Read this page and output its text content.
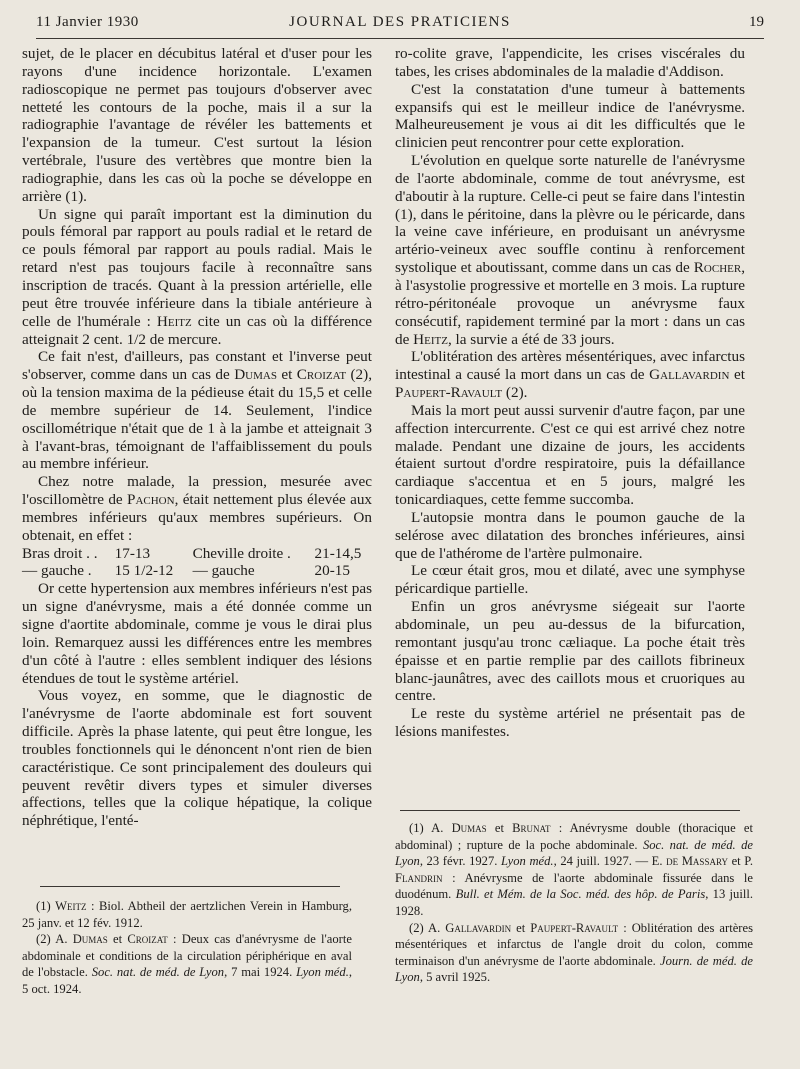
11 Janvier 1930	JOURNAL DES PRATICIENS	19

sujet, de le placer en décubitus latéral et d'user pour les rayons d'une incidence horizontale. L'examen radioscopique ne permet pas toujours d'observer avec netteté les contours de la poche, mais il a sur la radiographie l'avantage de révéler les battements et l'expansion de la tumeur. C'est surtout la lésion vertébrale, l'usure des vertèbres que montre bien la radiographie, dans les cas où la poche se développe en arrière (1).

Un signe qui paraît important est la diminution du pouls fémoral par rapport au pouls radial et le retard de ce pouls fémoral par rapport au pouls radial. Mais le retard n'est pas toujours facile à reconnaître sans inscription de tracés. Quant à la pression artérielle, elle peut être trouvée inférieure dans la tibiale antérieure à celle de l'humérale : Heitz cite un cas où la différence atteignait 2 cent. 1/2 de mercure.

Ce fait n'est, d'ailleurs, pas constant et l'inverse peut s'observer, comme dans un cas de Dumas et Croizat (2), où la tension maxima de la pédieuse était du 15,5 et celle de membre supérieur de 14. Seulement, l'indice oscillométrique n'était que de 1 à la jambe et atteignait 3 à l'avant-bras, témoignant de l'affaiblissement du pouls au membre inférieur.

Chez notre malade, la pression, mesurée avec l'oscillomètre de Pachon, était nettement plus élevée aux membres inférieurs qu'aux membres supérieurs. On obtenait, en effet :

Bras droit . .	17-13	Cheville droite .	21-14,5
— gauche .	15 1/2-12	— gauche	20-15

Or cette hypertension aux membres inférieurs n'est pas un signe d'anévrysme, mais a été donnée comme un signe d'aortite abdominale, comme je vous le dirai plus loin. Remarquez aussi les différences entre les membres d'un côté à l'autre : elles semblent indiquer des lésions étendues de tout le système artériel.

Vous voyez, en somme, que le diagnostic de l'anévrysme de l'aorte abdominale est fort souvent difficile. Après la phase latente, qui peut être longue, les troubles fonctionnels qui le dénoncent n'ont rien de bien caractéristique. Ce sont principalement des douleurs qui peuvent revêtir divers types et simuler diverses affections, telles que la colique hépatique, la colique néphrétique, l'enté-

ro-colite grave, l'appendicite, les crises viscérales du tabes, les crises abdominales de la maladie d'Addison.

C'est la constatation d'une tumeur à battements expansifs qui est le meilleur indice de l'anévrysme. Malheureusement je vous ai dit les difficultés que le clinicien peut rencontrer pour cette exploration.

L'évolution en quelque sorte naturelle de l'anévrysme de l'aorte abdominale, comme de tout anévrysme, est d'aboutir à la rupture. Celle-ci peut se faire dans l'intestin (1), dans le péritoine, dans la plèvre ou le péricarde, dans la veine cave inférieure, en produisant un anévrysme artério-veineux avec souffle continu à renforcement systolique et aboutissant, comme dans un cas de Rocher, à l'asystolie progressive et mortelle en 3 mois. La rupture rétro-péritonéale provoque un anévrysme faux consécutif, rapidement terminé par la mort : dans un cas de Heitz, la survie a été de 33 jours.

L'oblitération des artères mésentériques, avec infarctus intestinal a causé la mort dans un cas de Gallavardin et Paupert-Ravault (2).

Mais la mort peut aussi survenir d'autre façon, par une affection intercurrente. C'est ce qui est arrivé chez notre malade. Pendant une dizaine de jours, les accidents étaient surtout d'ordre respiratoire, puis la défaillance cardiaque s'accentua et en 5 jours, malgré les tonicardiaques, cette femme succomba.

L'autopsie montra dans le poumon gauche de la selérose avec dilatation des bronches inférieures, ainsi que de l'athérome de l'artère pulmonaire.

Le cœur était gros, mou et dilaté, avec une symphyse péricardique partielle.

Enfin un gros anévrysme siégeait sur l'aorte abdominale, un peu au-dessus de la bifurcation, remontant jusqu'au tronc cæliaque. La poche était très épaisse et en partie remplie par des caillots fibrineux blanc-jaunâtres, avec des caillots mous et cruoriques au centre.

Le reste du système artériel ne présentait pas de lésions manifestes.

(1) A. Dumas et Brunat : Anévrysme double (thoracique et abdominal) ; rupture de la poche abdominale. Soc. nat. de méd. de Lyon, 23 févr. 1927. Lyon méd., 24 juill. 1927. — E. de Massary et P. Flandrin : Anévrysme de l'aorte abdominale fissurée dans le duodénum. Bull. et Mém. de la Soc. méd. des hôp. de Paris, 13 juill. 1928.

(2) A. Gallavardin et Paupert-Ravault : Oblitération des artères mésentériques et infarctus de l'angle droit du colon, comme terminaison d'un anévrysme de l'aorte abdominale. Journ. de méd. de Lyon, 5 avril 1925.

(1) Weitz : Biol. Abtheil der aertzlichen Verein in Hamburg, 25 janv. et 12 fév. 1912.

(2) A. Dumas et Croizat : Deux cas d'anévrysme de l'aorte abdominale et conditions de la circulation périphérique en aval de l'obstacle. Soc. nat. de méd. de Lyon, 7 mai 1924. Lyon méd., 5 oct. 1924.
